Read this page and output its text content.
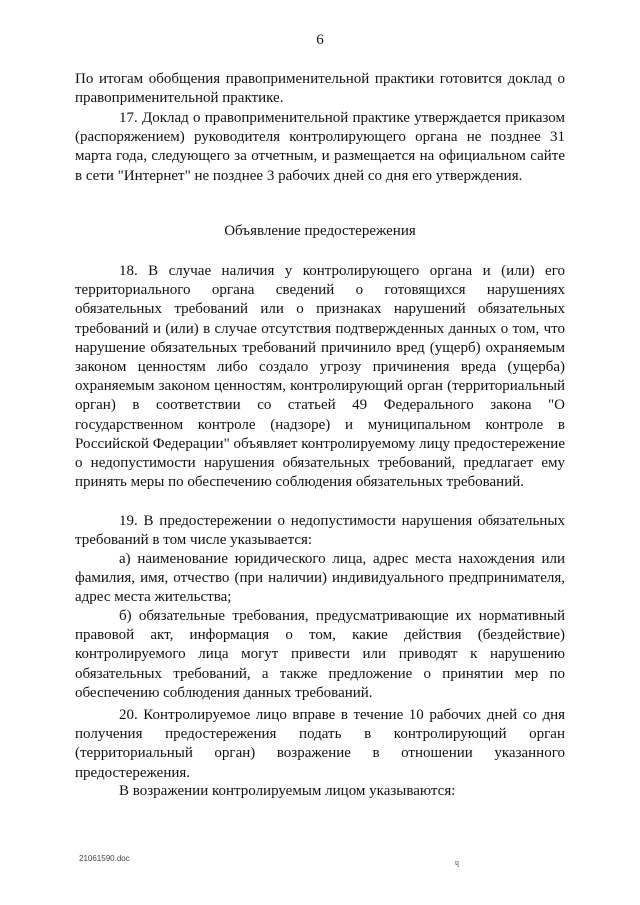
6

По итогам обобщения правоприменительной практики готовится доклад о правоприменительной практике.

17. Доклад о правоприменительной практике утверждается приказом (распоряжением) руководителя контролирующего органа не позднее 31 марта года, следующего за отчетным, и размещается на официальном сайте в сети "Интернет" не позднее 3 рабочих дней со дня его утверждения.

Объявление предостережения

18. В случае наличия у контролирующего органа и (или) его территориального органа сведений о готовящихся нарушениях обязательных требований или о признаках нарушений обязательных требований и (или) в случае отсутствия подтвержденных данных о том, что нарушение обязательных требований причинило вред (ущерб) охраняемым законом ценностям либо создало угрозу причинения вреда (ущерба) охраняемым законом ценностям, контролирующий орган (территориальный орган) в соответствии со статьей 49 Федерального закона "О государственном контроле (надзоре) и муниципальном контроле в Российской Федерации" объявляет контролируемому лицу предостережение о недопустимости нарушения обязательных требований, предлагает ему принять меры по обеспечению соблюдения обязательных требований.

19. В предостережении о недопустимости нарушения обязательных требований в том числе указывается:

а) наименование юридического лица, адрес места нахождения или фамилия, имя, отчество (при наличии) индивидуального предпринимателя, адрес места жительства;

б) обязательные требования, предусматривающие их нормативный правовой акт, информация о том, какие действия (бездействие) контролируемого лица могут привести или приводят к нарушению обязательных требований, а также предложение о принятии мер по обеспечению соблюдения данных требований.

20. Контролируемое лицо вправе в течение 10 рабочих дней со дня получения предостережения подать в контролирующий орган (территориальный орган) возражение в отношении указанного предостережения.

В возражении контролируемым лицом указываются:

21061590.doc	ɥ
